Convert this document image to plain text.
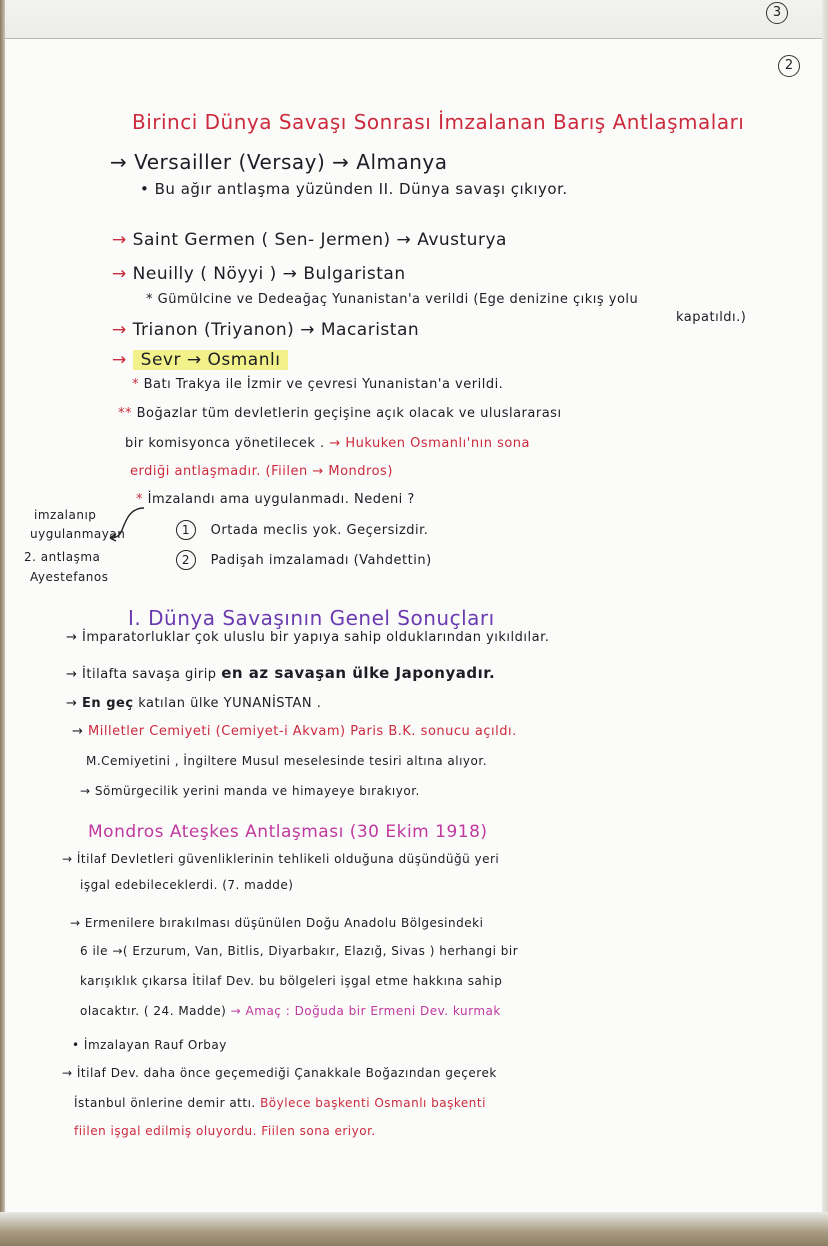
3
2
Birinci Dünya Savaşı Sonrası İmzalanan Barış Antlaşmaları
→ Versailler (Versay) → Almanya
• Bu ağır antlaşma yüzünden II. Dünya savaşı çıkıyor.
→ Saint Germen ( Sen- Jermen) → Avusturya
→ Neuilly ( Nöyyi ) → Bulgaristan
* Gümülcine ve Dedeağaç Yunanistan'a verildi (Ege denizine çıkış yolu
kapatıldı.)
→ Trianon (Triyanon) → Macaristan
→ Sevr → Osmanlı
* Batı Trakya ile İzmir ve çevresi Yunanistan'a verildi.
** Boğazlar tüm devletlerin geçişine açık olacak ve uluslararası
bir komisyonca yönetilecek . → Hukuken Osmanlı'nın sona
erdiği antlaşmadır. (Fiilen → Mondros)
* İmzalandı ama uygulanmadı. Nedeni ?
1 Ortada meclis yok. Geçersizdir.
2 Padişah imzalamadı (Vahdettin)
imzalanıp
uygulanmayan
2. antlaşma
Ayestefanos
I. Dünya Savaşının Genel Sonuçları
→ İmparatorluklar çok uluslu bir yapıya sahip olduklarından yıkıldılar.
→ İtilafta savaşa girip en az savaşan ülke Japonyadır.
→ En geç katılan ülke YUNANİSTAN .
→ Milletler Cemiyeti (Cemiyet-i Akvam) Paris B.K. sonucu açıldı.
M.Cemiyetini , İngiltere Musul meselesinde tesiri altına alıyor.
→ Sömürgecilik yerini manda ve himayeye bırakıyor.
Mondros Ateşkes Antlaşması (30 Ekim 1918)
→ İtilaf Devletleri güvenliklerinin tehlikeli olduğuna düşündüğü yeri
işgal edebileceklerdi. (7. madde)
→ Ermenilere bırakılması düşünülen Doğu Anadolu Bölgesindeki
6 ile →( Erzurum, Van, Bitlis, Diyarbakır, Elazığ, Sivas ) herhangi bir
karışıklık çıkarsa İtilaf Dev. bu bölgeleri işgal etme hakkına sahip
olacaktır. ( 24. Madde) → Amaç : Doğuda bir Ermeni Dev. kurmak
• İmzalayan Rauf Orbay
→ İtilaf Dev. daha önce geçemediği Çanakkale Boğazından geçerek
İstanbul önlerine demir attı. Böylece başkenti Osmanlı başkenti
fiilen işgal edilmiş oluyordu. Fiilen sona eriyor.
